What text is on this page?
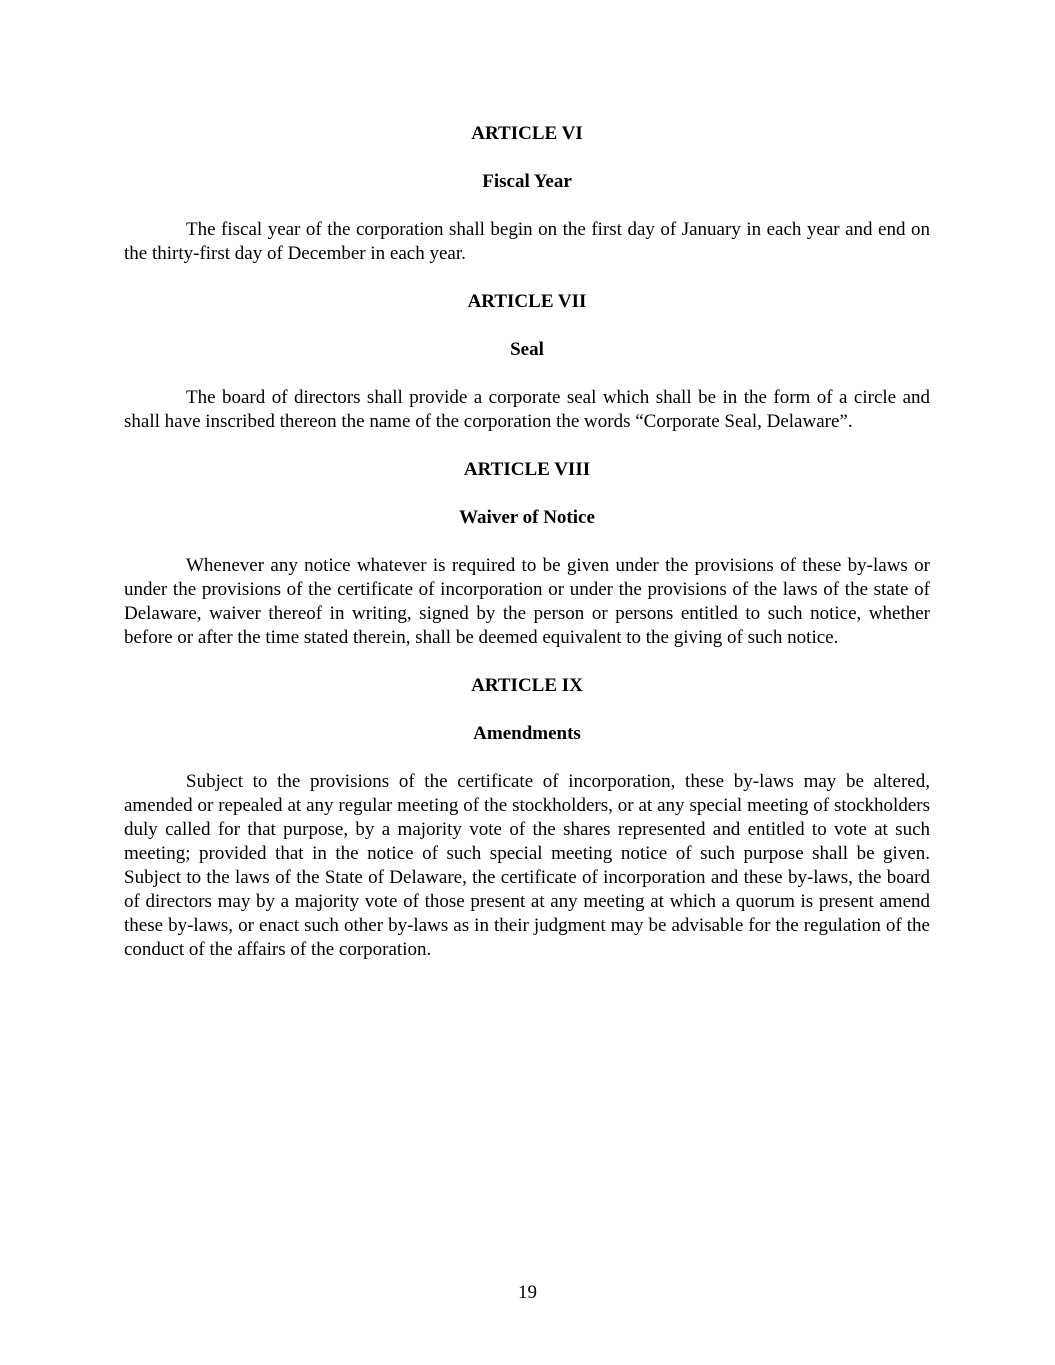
ARTICLE VI

Fiscal Year

The fiscal year of the corporation shall begin on the first day of January in each year and end on the thirty-first day of December in each year.

ARTICLE VII

Seal

The board of directors shall provide a corporate seal which shall be in the form of a circle and shall have inscribed thereon the name of the corporation the words “Corporate Seal, Delaware”.

ARTICLE VIII

Waiver of Notice

Whenever any notice whatever is required to be given under the provisions of these by-laws or under the provisions of the certificate of incorporation or under the provisions of the laws of the state of Delaware, waiver thereof in writing, signed by the person or persons entitled to such notice, whether before or after the time stated therein, shall be deemed equivalent to the giving of such notice.

ARTICLE IX

Amendments

Subject to the provisions of the certificate of incorporation, these by-laws may be altered, amended or repealed at any regular meeting of the stockholders, or at any special meeting of stockholders duly called for that purpose, by a majority vote of the shares represented and entitled to vote at such meeting; provided that in the notice of such special meeting notice of such purpose shall be given. Subject to the laws of the State of Delaware, the certificate of incorporation and these by-laws, the board of directors may by a majority vote of those present at any meeting at which a quorum is present amend these by-laws, or enact such other by-laws as in their judgment may be advisable for the regulation of the conduct of the affairs of the corporation.

19
